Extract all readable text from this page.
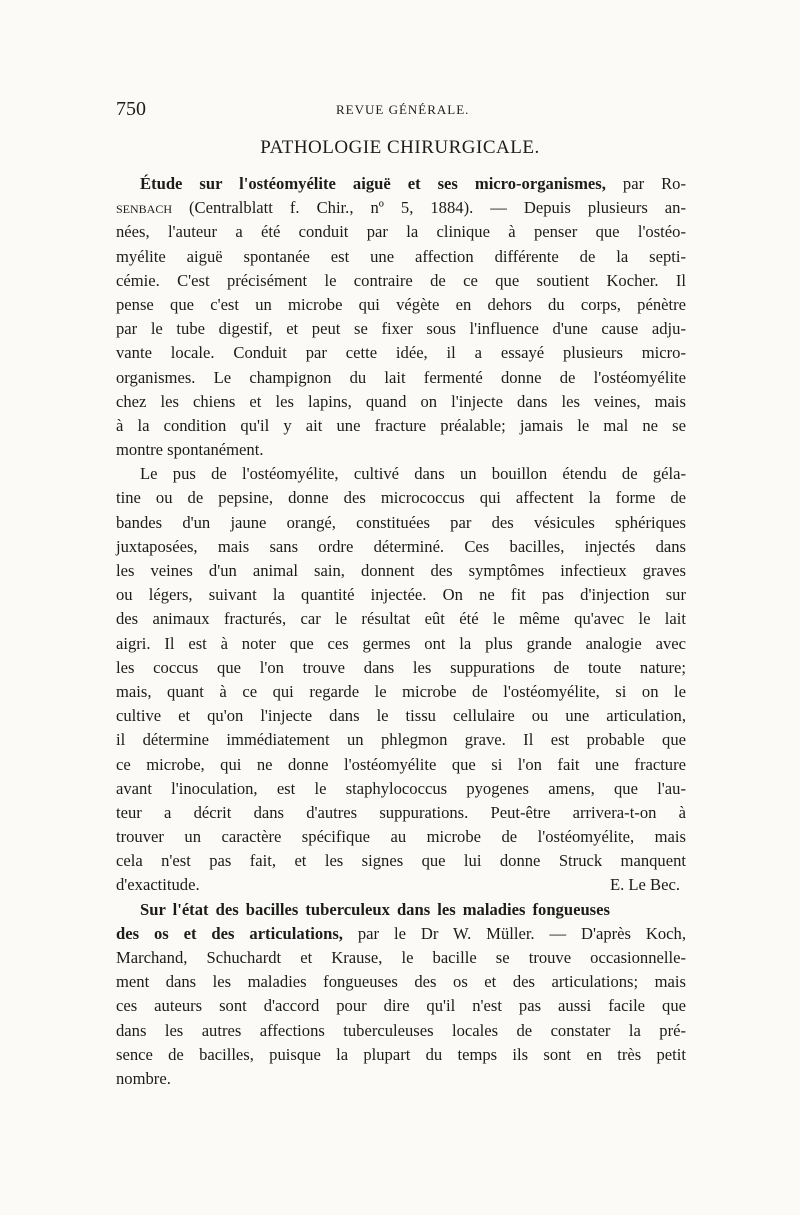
750	REVUE GÉNÉRALE.
PATHOLOGIE CHIRURGICALE.
Étude sur l'ostéomyélite aiguë et ses micro-organismes, par Ro-
senbach (Centralblatt f. Chir., nº 5, 1884). — Depuis plusieurs an-
nées, l'auteur a été conduit par la clinique à penser que l'ostéo-
myélite aiguë spontanée est une affection différente de la septi-
cémie. C'est précisément le contraire de ce que soutient Kocher. Il
pense que c'est un microbe qui végète en dehors du corps, pénètre
par le tube digestif, et peut se fixer sous l'influence d'une cause adju-
vante locale. Conduit par cette idée, il a essayé plusieurs micro-
organismes. Le champignon du lait fermenté donne de l'ostéomyélite
chez les chiens et les lapins, quand on l'injecte dans les veines, mais
à la condition qu'il y ait une fracture préalable; jamais le mal ne se
montre spontanément.
Le pus de l'ostéomyélite, cultivé dans un bouillon étendu de géla-
tine ou de pepsine, donne des micrococcus qui affectent la forme de
bandes d'un jaune orangé, constituées par des vésicules sphériques
juxtaposées, mais sans ordre déterminé. Ces bacilles, injectés dans
les veines d'un animal sain, donnent des symptômes infectieux graves
ou légers, suivant la quantité injectée. On ne fit pas d'injection sur
des animaux fracturés, car le résultat eût été le même qu'avec le lait
aigri. Il est à noter que ces germes ont la plus grande analogie avec
les coccus que l'on trouve dans les suppurations de toute nature;
mais, quant à ce qui regarde le microbe de l'ostéomyélite, si on le
cultive et qu'on l'injecte dans le tissu cellulaire ou une articulation,
il détermine immédiatement un phlegmon grave. Il est probable que
ce microbe, qui ne donne l'ostéomyélite que si l'on fait une fracture
avant l'inoculation, est le staphylococcus pyogenes amens, que l'au-
teur a décrit dans d'autres suppurations. Peut-être arrivera-t-on à
trouver un caractère spécifique au microbe de l'ostéomyélite, mais
cela n'est pas fait, et les signes que lui donne Struck manquent
d'exactitude.	E. Le Bec.
Sur l'état des bacilles tuberculeux dans les maladies fongueuses
des os et des articulations, par le Dr W. Müller. — D'après Koch,
Marchand, Schuchardt et Krause, le bacille se trouve occasionnelle-
ment dans les maladies fongueuses des os et des articulations; mais
ces auteurs sont d'accord pour dire qu'il n'est pas aussi facile que
dans les autres affections tuberculeuses locales de constater la pré-
sence de bacilles, puisque la plupart du temps ils sont en très petit
nombre.
